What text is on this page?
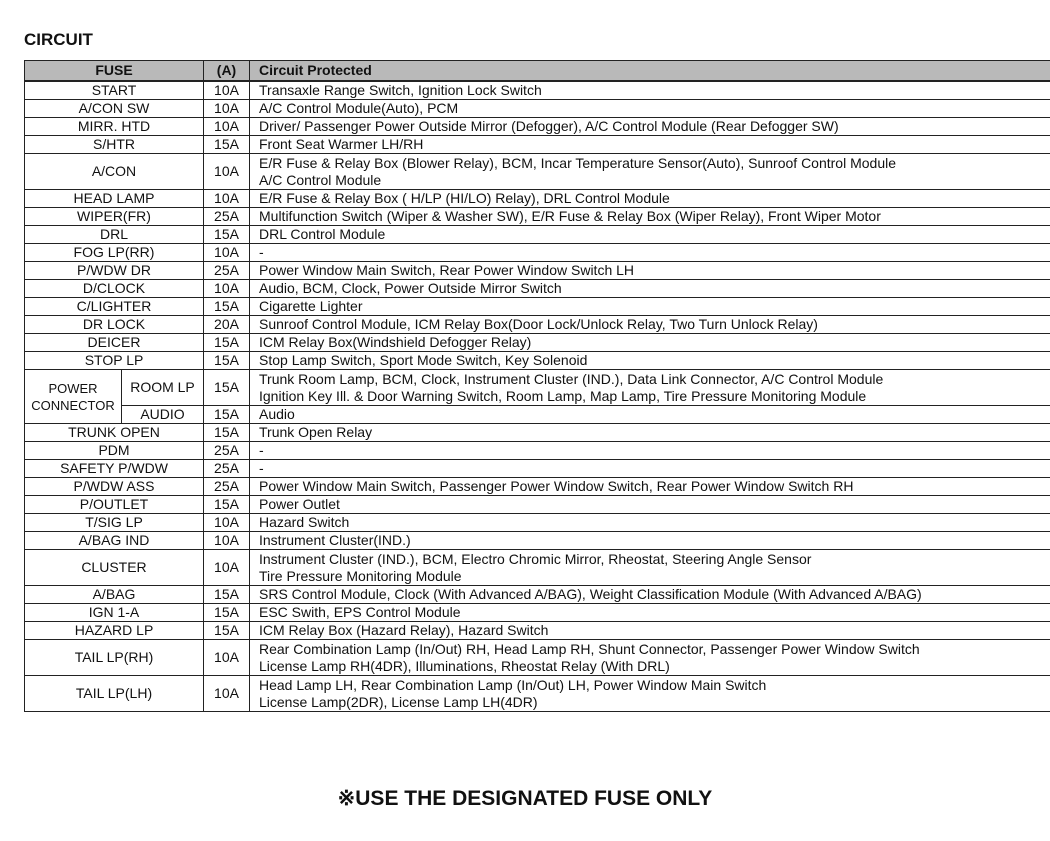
CIRCUIT
FUSE		(A)	Circuit Protected
START		10A	Transaxle Range Switch, Ignition Lock Switch

A/CON SW		10A	A/C Control Module(Auto), PCM

MIRR. HTD		10A	Driver/ Passenger Power Outside Mirror (Defogger), A/C Control Module (Rear Defogger SW)

S/HTR		15A	Front Seat Warmer LH/RH

A/CON		10A	E/R Fuse & Relay Box (Blower Relay), BCM, Incar Temperature Sensor(Auto), Sunroof Control Module
A/C Control Module

HEAD LAMP		10A	E/R Fuse & Relay Box ( H/LP (HI/LO) Relay), DRL Control Module

WIPER(FR)		25A	Multifunction Switch (Wiper & Washer SW), E/R Fuse & Relay Box (Wiper Relay), Front Wiper Motor

DRL		15A	DRL Control Module

FOG LP(RR)		10A	-

P/WDW DR		25A	Power Window Main Switch, Rear Power Window Switch LH

D/CLOCK		10A	Audio, BCM, Clock, Power Outside Mirror Switch

C/LIGHTER		15A	Cigarette Lighter

DR LOCK		20A	Sunroof Control Module, ICM Relay Box(Door Lock/Unlock Relay, Two Turn Unlock Relay)

DEICER		15A	ICM Relay Box(Windshield Defogger Relay)

STOP LP		15A	Stop Lamp Switch, Sport Mode Switch, Key Solenoid

POWER
CONNECTOR	ROOM LP	15A	Trunk Room Lamp, BCM, Clock, Instrument Cluster (IND.), Data Link Connector, A/C Control Module
Ignition Key Ill. & Door Warning Switch, Room Lamp, Map Lamp, Tire Pressure Monitoring Module

	AUDIO	15A	Audio

TRUNK OPEN		15A	Trunk Open Relay

PDM		25A	-

SAFETY P/WDW		25A	-

P/WDW ASS		25A	Power Window Main Switch, Passenger Power Window Switch, Rear Power Window Switch RH

P/OUTLET		15A	Power Outlet

T/SIG LP		10A	Hazard Switch

A/BAG IND		10A	Instrument Cluster(IND.)

CLUSTER		10A	Instrument Cluster (IND.), BCM, Electro Chromic Mirror, Rheostat, Steering Angle Sensor
Tire Pressure Monitoring Module

A/BAG		15A	SRS Control Module, Clock (With Advanced A/BAG), Weight Classification Module (With Advanced A/BAG)

IGN 1-A		15A	ESC Swith, EPS Control Module

HAZARD LP		15A	ICM Relay Box (Hazard Relay), Hazard Switch

TAIL LP(RH)		10A	Rear Combination Lamp (In/Out) RH, Head Lamp RH, Shunt Connector, Passenger Power Window Switch
License Lamp RH(4DR), Illuminations, Rheostat Relay (With DRL)

TAIL LP(LH)		10A	Head Lamp LH, Rear Combination Lamp (In/Out) LH, Power Window Main Switch
License Lamp(2DR), License Lamp LH(4DR)
※USE THE DESIGNATED FUSE ONLY
